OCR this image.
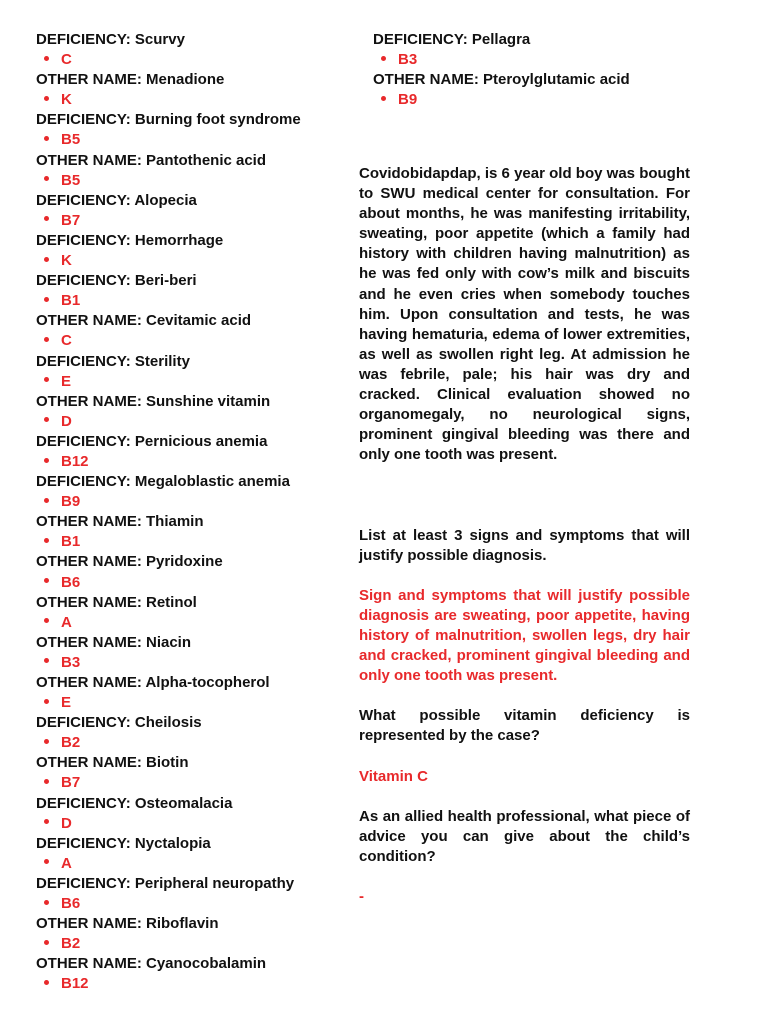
DEFICIENCY: Scurvy
C
OTHER NAME: Menadione
K
DEFICIENCY: Burning foot syndrome
B5
OTHER NAME: Pantothenic acid
B5
DEFICIENCY: Alopecia
B7
DEFICIENCY: Hemorrhage
K
DEFICIENCY: Beri-beri
B1
OTHER NAME: Cevitamic acid
C
DEFICIENCY: Sterility
E
OTHER NAME: Sunshine vitamin
D
DEFICIENCY: Pernicious anemia
B12
DEFICIENCY: Megaloblastic anemia
B9
OTHER NAME: Thiamin
B1
OTHER NAME: Pyridoxine
B6
OTHER NAME: Retinol
A
OTHER NAME: Niacin
B3
OTHER NAME: Alpha-tocopherol
E
DEFICIENCY: Cheilosis
B2
OTHER NAME: Biotin
B7
DEFICIENCY: Osteomalacia
D
DEFICIENCY: Nyctalopia
A
DEFICIENCY: Peripheral neuropathy
B6
OTHER NAME: Riboflavin
B2
OTHER NAME: Cyanocobalamin
B12
DEFICIENCY: Pellagra
B3
OTHER NAME: Pteroylglutamic acid
B9

Covidobidapdap, is 6 year old boy was bought to SWU medical center for consultation. For about months, he was manifesting irritability, sweating, poor appetite (which a family had history with children having malnutrition) as he was fed only with cow’s milk and biscuits and he even cries when somebody touches him. Upon consultation and tests, he was having hematuria, edema of lower extremities, as well as swollen right leg. At admission he was febrile, pale; his hair was dry and cracked. Clinical evaluation showed no organomegaly, no neurological signs, prominent gingival bleeding was there and only one tooth was present.

List at least 3 signs and symptoms that will justify possible diagnosis.

Sign and symptoms that will justify possible diagnosis are sweating, poor appetite, having history of malnutrition, swollen legs, dry hair and cracked, prominent gingival bleeding and only one tooth was present.

What possible vitamin deficiency is represented by the case?

Vitamin C

As an allied health professional, what piece of advice you can give about the child’s condition?

-
